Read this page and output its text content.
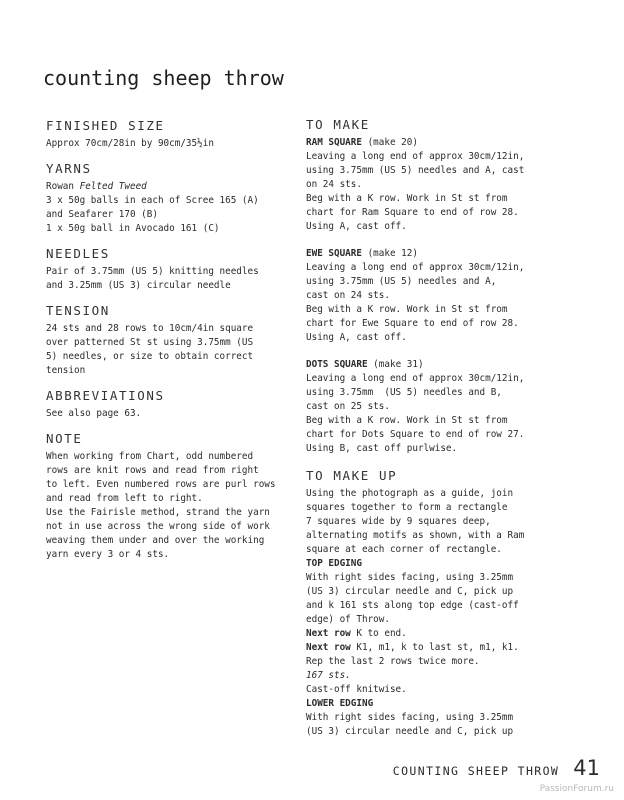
counting sheep throw
FINISHED SIZE

Approx 70cm/28in by 90cm/35½in

YARNS

Rowan Felted Tweed

3 x 50g balls in each of Scree 165 (A)

and Seafarer 170 (B)

1 x 50g ball in Avocado 161 (C)

NEEDLES

Pair of 3.75mm (US 5) knitting needles

and 3.25mm (US 3) circular needle

TENSION

24 sts and 28 rows to 10cm/4in square

over patterned St st using 3.75mm (US

5) needles, or size to obtain correct

tension

ABBREVIATIONS

See also page 63.

NOTE

When working from Chart, odd numbered

rows are knit rows and read from right

to left. Even numbered rows are purl rows

and read from left to right.

Use the Fairisle method, strand the yarn

not in use across the wrong side of work

weaving them under and over the working

yarn every 3 or 4 sts.

TO MAKE

RAM SQUARE (make 20)

Leaving a long end of approx 30cm/12in,

using 3.75mm (US 5) needles and A, cast

on 24 sts.

Beg with a K row. Work in St st from

chart for Ram Square to end of row 28.

Using A, cast off.

EWE SQUARE (make 12)

Leaving a long end of approx 30cm/12in,

using 3.75mm (US 5) needles and A,

cast on 24 sts.

Beg with a K row. Work in St st from

chart for Ewe Square to end of row 28.

Using A, cast off.

DOTS SQUARE (make 31)

Leaving a long end of approx 30cm/12in,

using 3.75mm  (US 5) needles and B,

cast on 25 sts.

Beg with a K row. Work in St st from

chart for Dots Square to end of row 27.

Using B, cast off purlwise.

TO MAKE UP

Using the photograph as a guide, join

squares together to form a rectangle

7 squares wide by 9 squares deep,

alternating motifs as shown, with a Ram

square at each corner of rectangle.

TOP EDGING

With right sides facing, using 3.25mm

(US 3) circular needle and C, pick up

and k 161 sts along top edge (cast-off

edge) of Throw.

Next row K to end.

Next row K1, m1, k to last st, m1, k1.

Rep the last 2 rows twice more.

167 sts.

Cast-off knitwise.

LOWER EDGING

With right sides facing, using 3.25mm

(US 3) circular needle and C, pick up

COUNTING SHEEP THROW 41
PassionForum.ru
